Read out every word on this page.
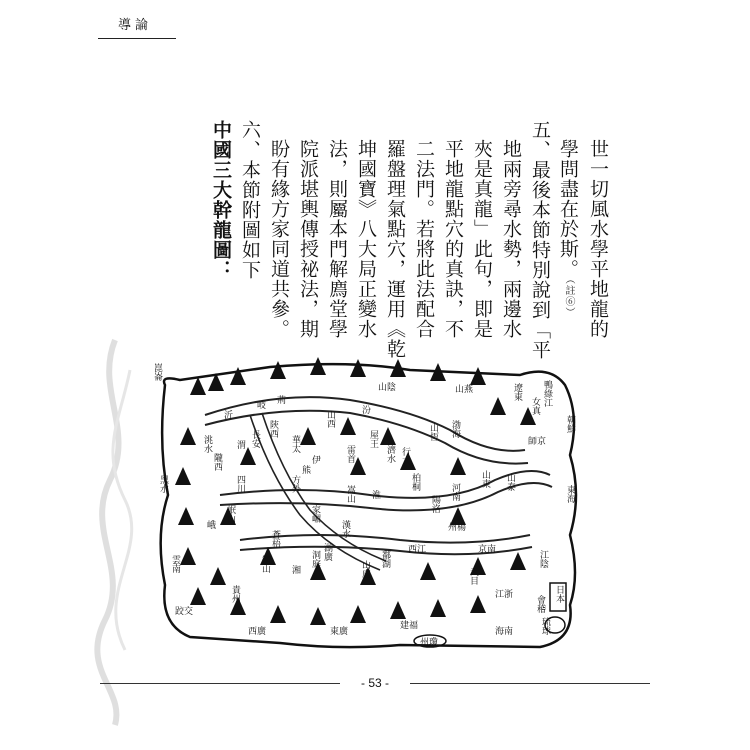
導論
世一切風水學平地龍的
學問盡在於斯。（註⑥）
五、最後本節特別說到「平
地兩旁尋水勢，兩邊水
夾是真龍」此句，即是
平地龍點穴的真訣，不
二法門。若將此法配合
羅盤理氣點穴，運用《乾
坤國寶》八大局正變水
法，則屬本門解廌堂學
院派堪輿傳授祕法，期
盼有緣方家同道共參。
六、本節附圖如下
中國三大幹龍圖：
崑崙
黑水
雲南
跤交
貴州
西廣	東廣
建福
州瓊
海南	琉球
日本
東海
會稽
江陰
江浙
天目
京南
西江
州楊
淮
山東 山泰
河南
陽洛
嵩山
師京
渤海
遼東 鴨綠江
女真
朝鮮
山燕
山陰
山恆
行太
屋王
濟水
汾
雷首
山西
華太
陝西
長安
渭
岐
荊
沂
洮水
隴西
四川
岷山
峨
衡山 湘
洞庭 湖廣	鄱湖
山盧
漢水
家嵋
熊
伊
方外	柏桐
蒼梧
- 53 -
